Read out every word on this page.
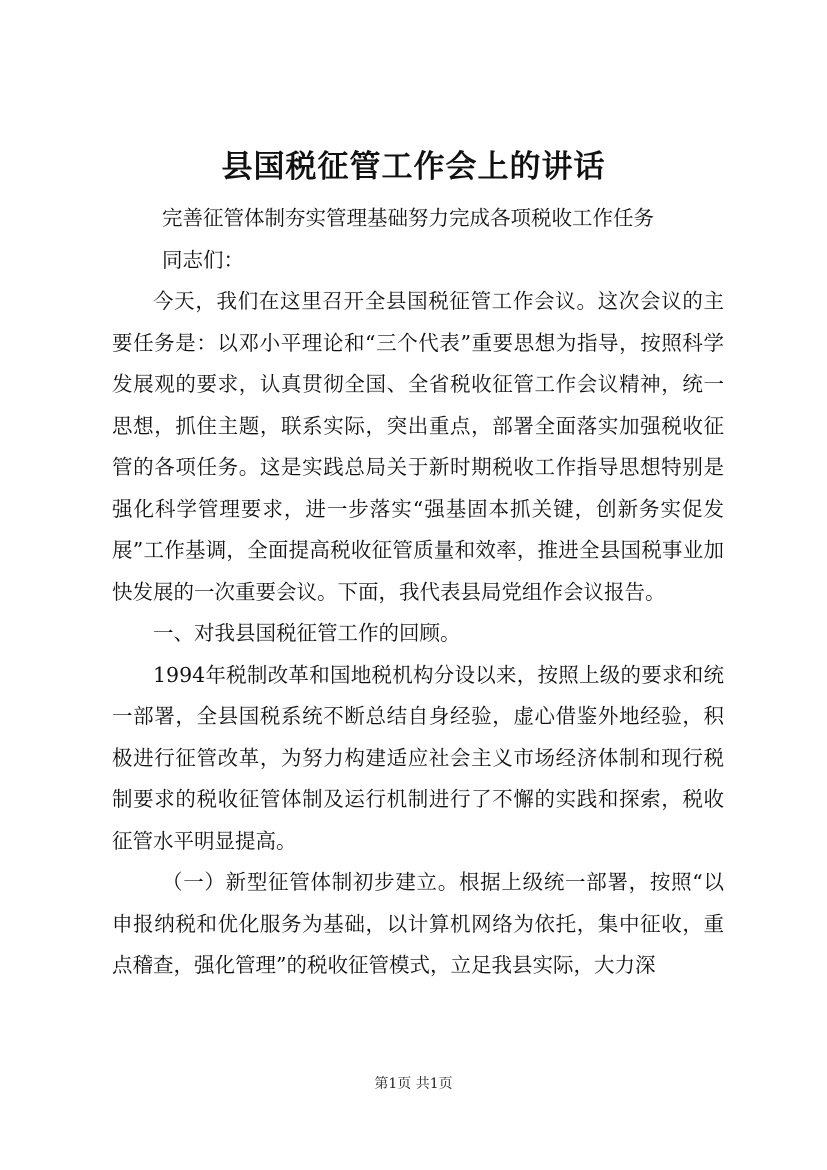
县国税征管工作会上的讲话

完善征管体制夯实管理基础努力完成各项税收工作任务

同志们：

今天，我们在这里召开全县国税征管工作会议。这次会议的主要任务是：以邓小平理论和“三个代表”重要思想为指导，按照科学发展观的要求，认真贯彻全国、全省税收征管工作会议精神，统一思想，抓住主题，联系实际，突出重点，部署全面落实加强税收征管的各项任务。这是实践总局关于新时期税收工作指导思想特别是强化科学管理要求，进一步落实“强基固本抓关键，创新务实促发展”工作基调，全面提高税收征管质量和效率，推进全县国税事业加快发展的一次重要会议。下面，我代表县局党组作会议报告。

一、对我县国税征管工作的回顾。

1994年税制改革和国地税机构分设以来，按照上级的要求和统一部署，全县国税系统不断总结自身经验，虚心借鉴外地经验，积极进行征管改革，为努力构建适应社会主义市场经济体制和现行税制要求的税收征管体制及运行机制进行了不懈的实践和探索，税收征管水平明显提高。

（一）新型征管体制初步建立。根据上级统一部署，按照“以申报纳税和优化服务为基础，以计算机网络为依托，集中征收，重点稽查，强化管理”的税收征管模式，立足我县实际，大力深

第1页 共1页
